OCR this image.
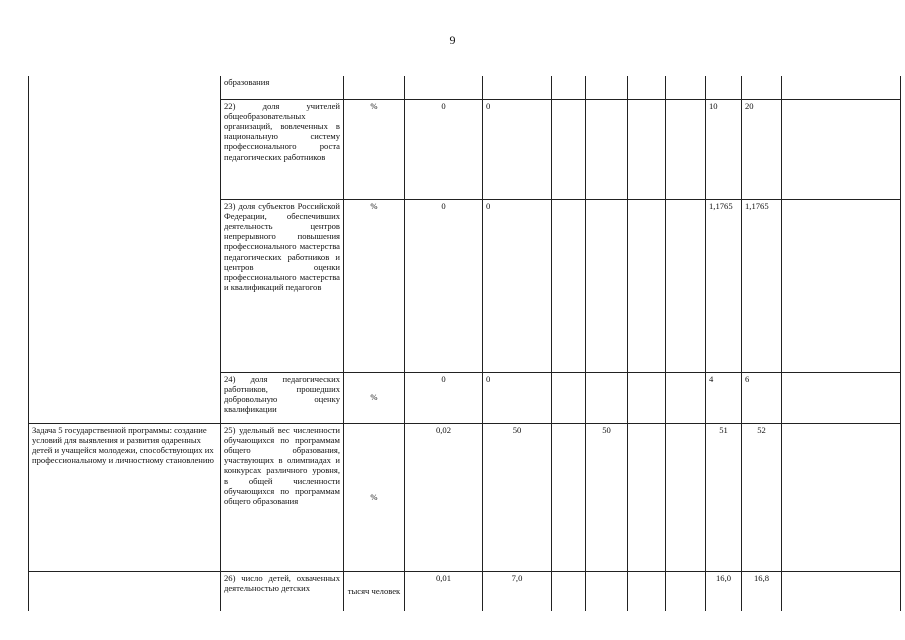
9
	образования										
	22) доля учителей общеобразовательных организаций, вовлеченных в национальную систему профессионального роста педагогических работников	%	0	0					10	20	
	23) доля субъектов Российской Федерации, обеспечивших деятельность центров непрерывного повышения профессионального мастерства педагогических работников и центров оценки профессионального мастерства и квалификаций педагогов	%	0	0					1,1765	1,1765	
	24) доля педагогических работников, прошедших добровольную оценку квалификации	%	0	0					4	6	
Задача 5 государственной программы: создание условий для выявления и развития одаренных детей и учащейся молодежи, способствующих их профессиональному и личностному становлению	25) удельный вес численности обучающихся по программам общего образования, участвующих в олимпиадах и конкурсах различного уровня, в общей численности обучающихся по программам общего образования	%	0,02	50		50			51	52	
	26) число детей, охваченных деятельностью детских	тысяч человек	0,01	7,0					16,0	16,8	
